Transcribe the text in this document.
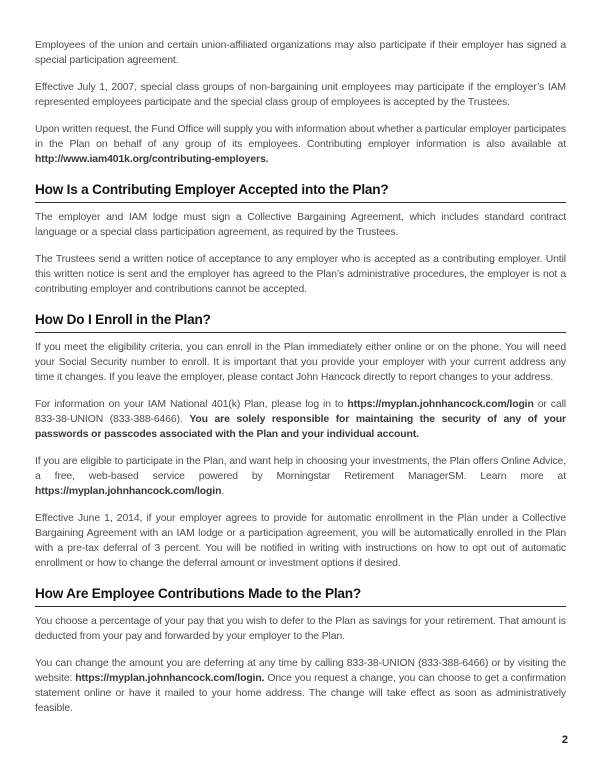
Employees of the union and certain union-affiliated organizations may also participate if their employer has signed a special participation agreement.

Effective July 1, 2007, special class groups of non-bargaining unit employees may participate if the employer’s IAM represented employees participate and the special class group of employees is accepted by the Trustees.

Upon written request, the Fund Office will supply you with information about whether a particular employer participates in the Plan on behalf of any group of its employees. Contributing employer information is also available at http://www.iam401k.org/contributing-employers.

How Is a Contributing Employer Accepted into the Plan?

The employer and IAM lodge must sign a Collective Bargaining Agreement, which includes standard contract language or a special class participation agreement, as required by the Trustees.

The Trustees send a written notice of acceptance to any employer who is accepted as a contributing employer. Until this written notice is sent and the employer has agreed to the Plan’s administrative procedures, the employer is not a contributing employer and contributions cannot be accepted.

How Do I Enroll in the Plan?

If you meet the eligibility criteria, you can enroll in the Plan immediately either online or on the phone. You will need your Social Security number to enroll. It is important that you provide your employer with your current address any time it changes. If you leave the employer, please contact John Hancock directly to report changes to your address.

For information on your IAM National 401(k) Plan, please log in to https://myplan.johnhancock.com/login or call 833-38-UNION (833-388-6466). You are solely responsible for maintaining the security of any of your passwords or passcodes associated with the Plan and your individual account.

If you are eligible to participate in the Plan, and want help in choosing your investments, the Plan offers Online Advice, a free, web-based service powered by Morningstar Retirement ManagerSM. Learn more at https://myplan.johnhancock.com/login.

Effective June 1, 2014, if your employer agrees to provide for automatic enrollment in the Plan under a Collective Bargaining Agreement with an IAM lodge or a participation agreement, you will be automatically enrolled in the Plan with a pre-tax deferral of 3 percent. You will be notified in writing with instructions on how to opt out of automatic enrollment or how to change the deferral amount or investment options if desired.

How Are Employee Contributions Made to the Plan?

You choose a percentage of your pay that you wish to defer to the Plan as savings for your retirement. That amount is deducted from your pay and forwarded by your employer to the Plan.

You can change the amount you are deferring at any time by calling 833-38-UNION (833-388-6466) or by visiting the website: https://myplan.johnhancock.com/login. Once you request a change, you can choose to get a confirmation statement online or have it mailed to your home address. The change will take effect as soon as administratively feasible.

2
